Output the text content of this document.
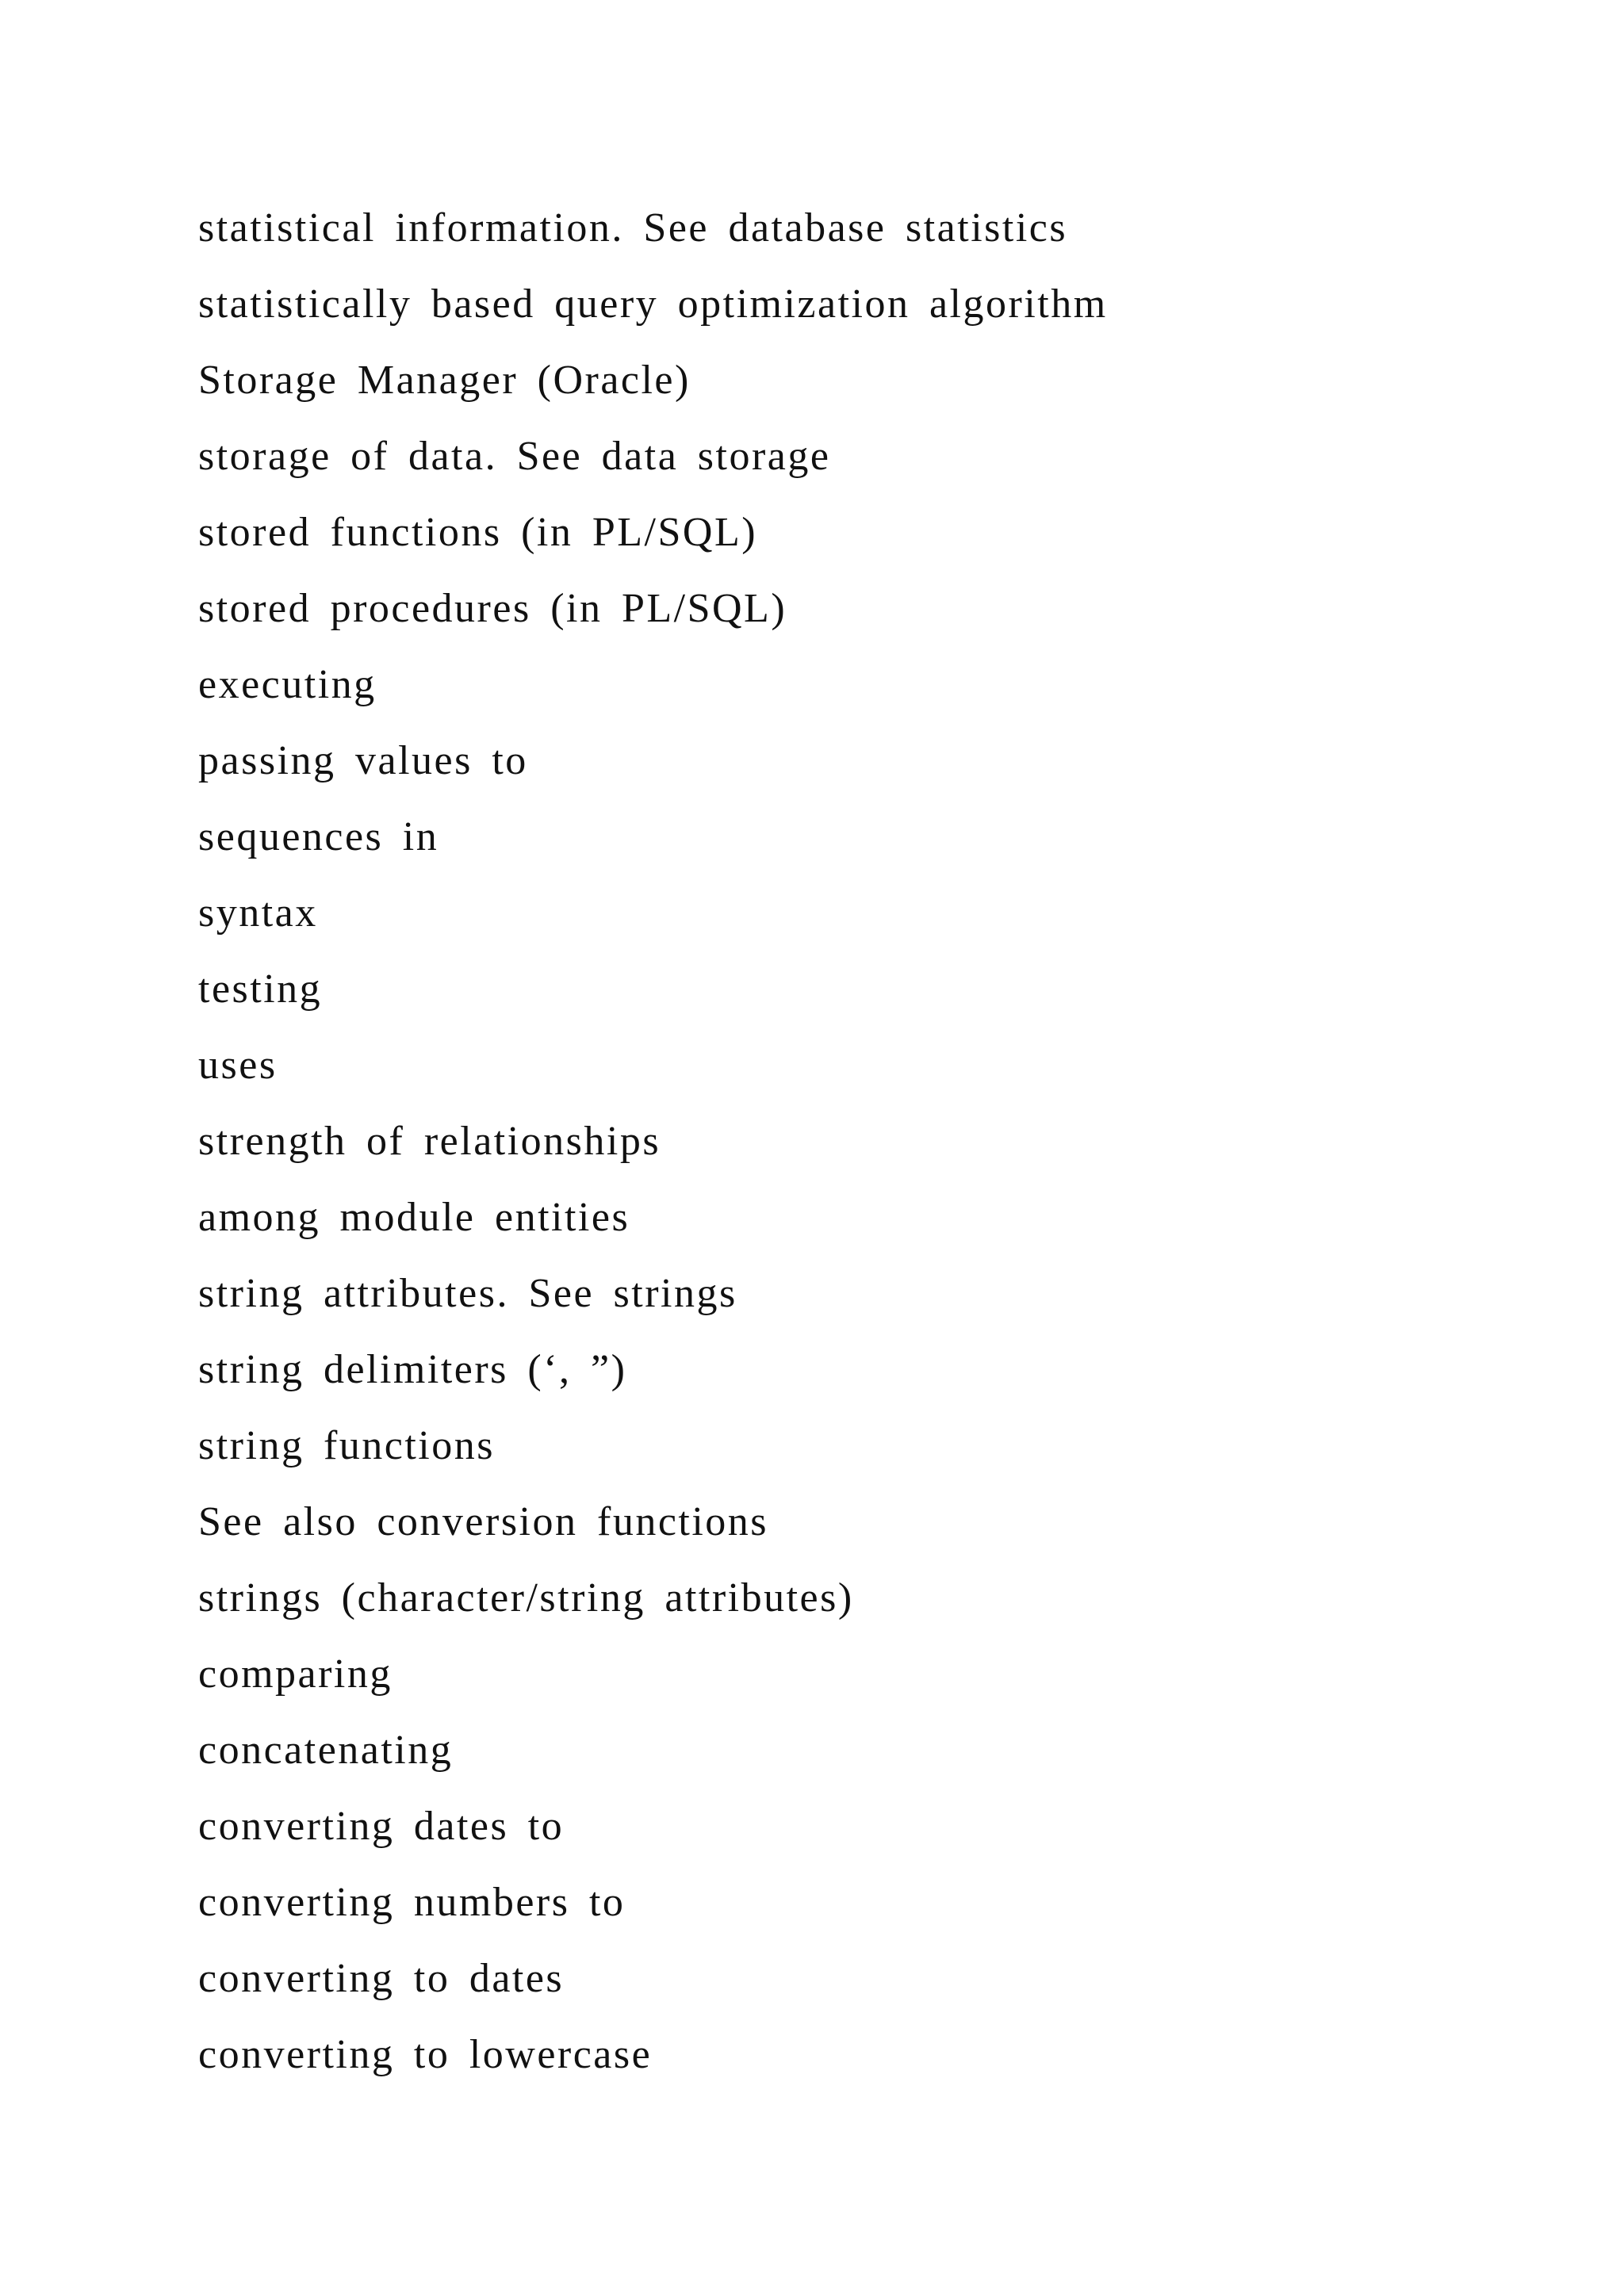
statistical information. See database statistics
statistically based query optimization algorithm
Storage Manager (Oracle)
storage of data. See data storage
stored functions (in PL/SQL)
stored procedures (in PL/SQL)
executing
passing values to
sequences in
syntax
testing
uses
strength of relationships
among module entities
string attributes. See strings
string delimiters (‘, ”)
string functions
See also conversion functions
strings (character/string attributes)
comparing
concatenating
converting dates to
converting numbers to
converting to dates
converting to lowercase
